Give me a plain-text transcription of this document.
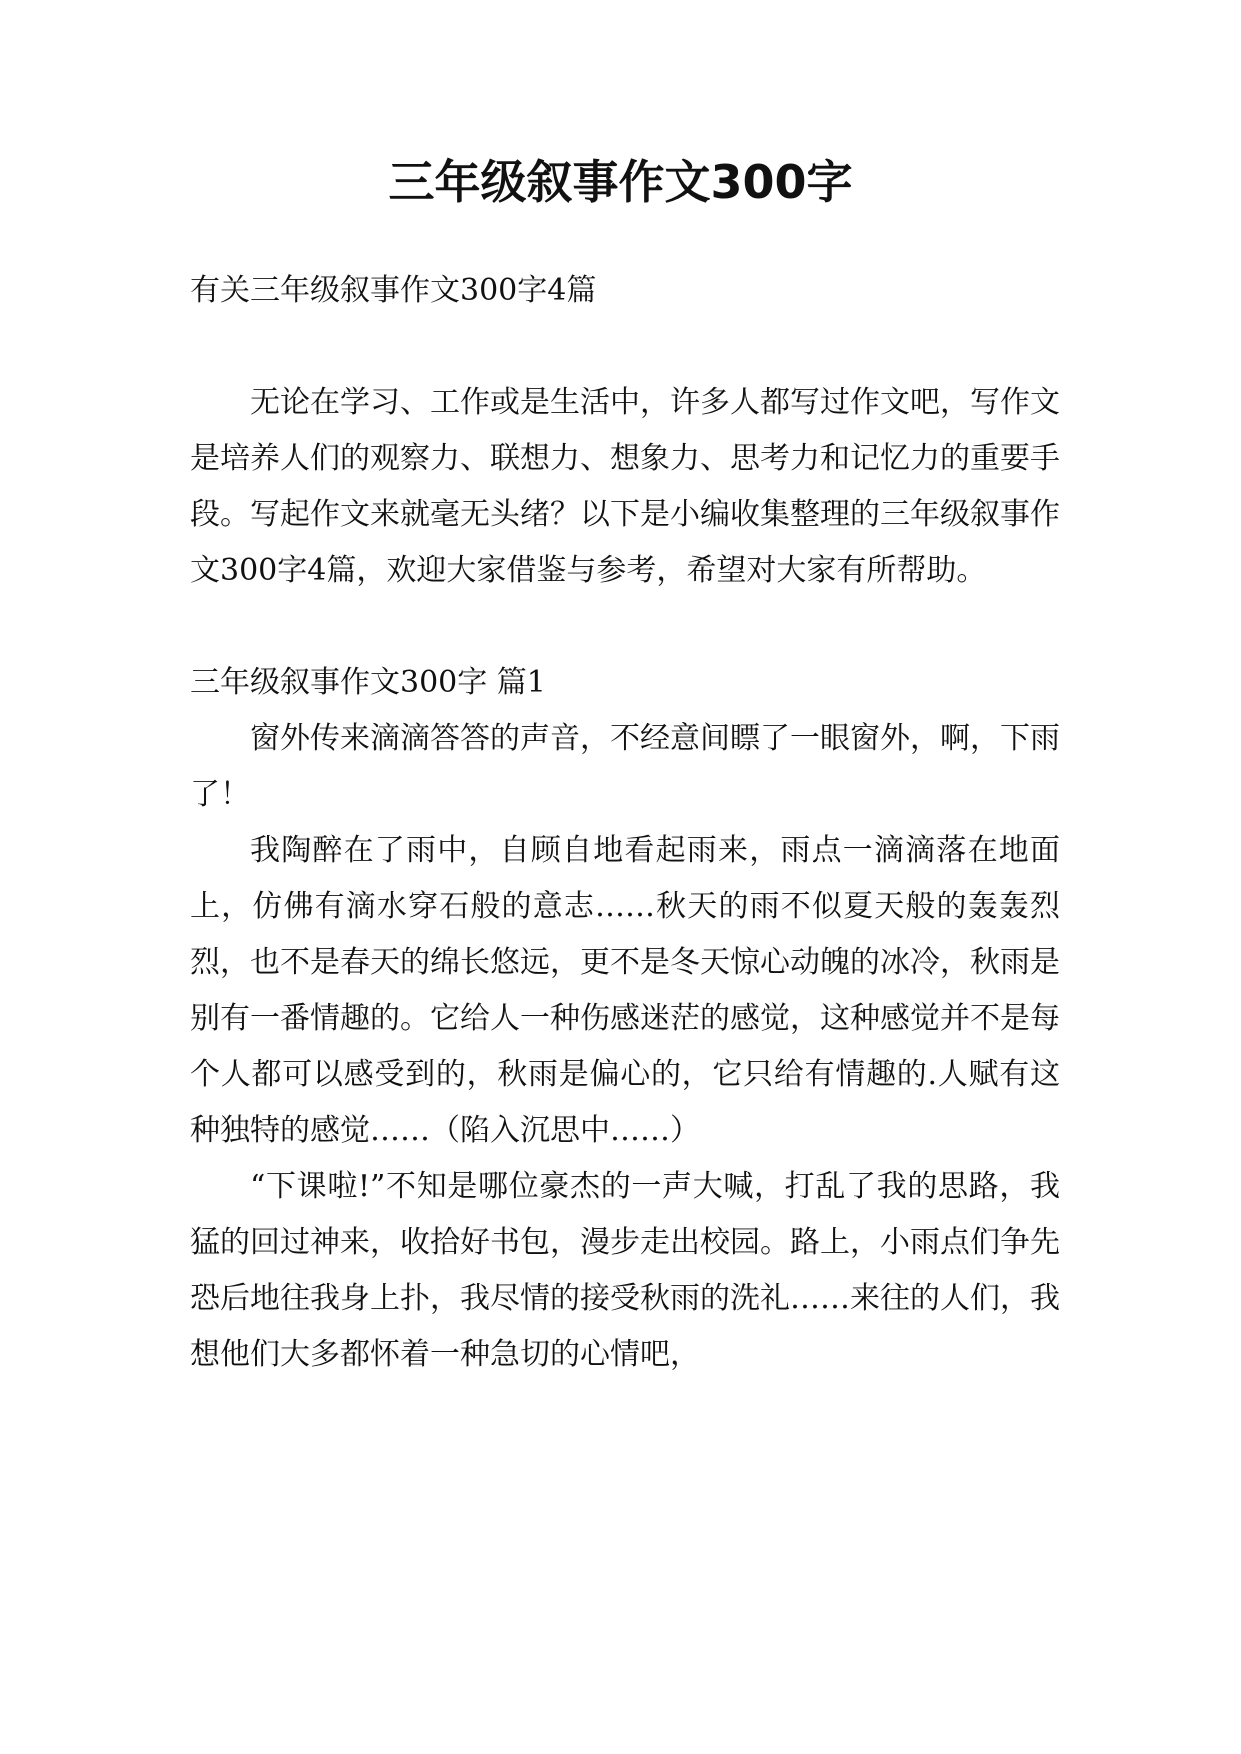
三年级叙事作文300字

有关三年级叙事作文300字4篇

无论在学习、工作或是生活中，许多人都写过作文吧，写作文是培养人们的观察力、联想力、想象力、思考力和记忆力的重要手段。写起作文来就毫无头绪？以下是小编收集整理的三年级叙事作文300字4篇，欢迎大家借鉴与参考，希望对大家有所帮助。

三年级叙事作文300字 篇1

窗外传来滴滴答答的声音，不经意间瞟了一眼窗外，啊，下雨了！

我陶醉在了雨中，自顾自地看起雨来，雨点一滴滴落在地面上，仿佛有滴水穿石般的意志……秋天的雨不似夏天般的轰轰烈烈，也不是春天的绵长悠远，更不是冬天惊心动魄的冰冷，秋雨是别有一番情趣的。它给人一种伤感迷茫的感觉，这种感觉并不是每个人都可以感受到的，秋雨是偏心的，它只给有情趣的.人赋有这种独特的感觉……（陷入沉思中……）

“下课啦!”不知是哪位豪杰的一声大喊，打乱了我的思路，我猛的回过神来，收拾好书包，漫步走出校园。路上，小雨点们争先恐后地往我身上扑，我尽情的接受秋雨的洗礼……来往的人们，我想他们大多都怀着一种急切的心情吧，
